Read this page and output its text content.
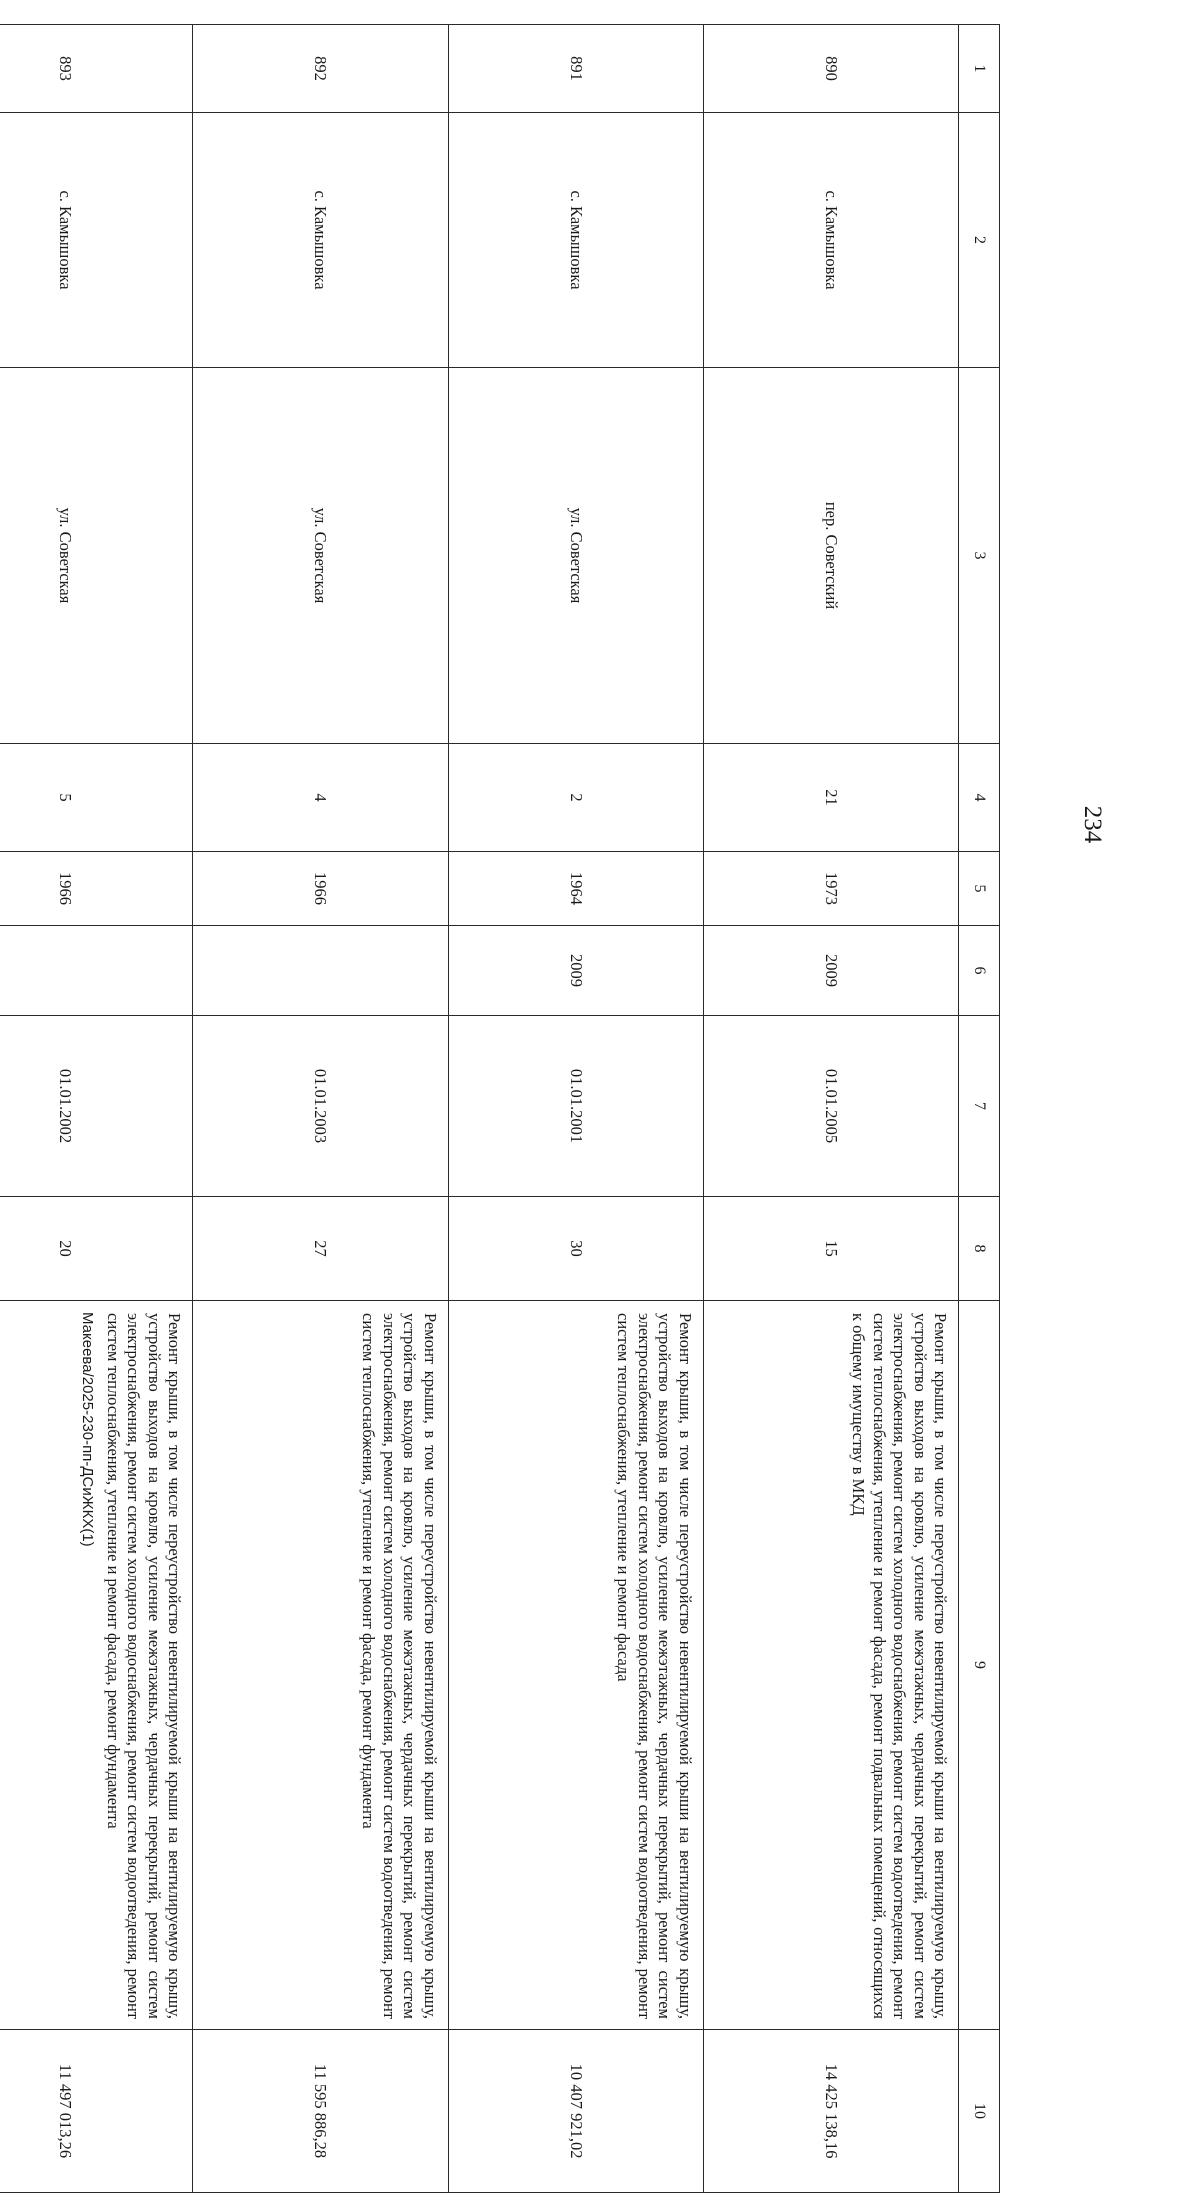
234
1	2	3	4	5	6	7	8	9	10
890	с. Камышовка	пер. Советский	21	1973	2009	01.01.2005	15	Ремонт крыши, в том числе переустройство невентилируемой крыши на вентилируемую крышу, устройство выходов на кровлю, усиление межэтажных, чердачных перекрытий, ремонт систем электроснабжения, ремонт систем холодного водоснабжения, ремонт систем водоотведения, ремонт систем теплоснабжения, утепление и ремонт фасада, ремонт подвальных помещений, относящихся к общему имуществу в МКД	14 425 138,16
891	с. Камышовка	ул. Советская	2	1964	2009	01.01.2001	30	Ремонт крыши, в том числе переустройство невентилируемой крыши на вентилируемую крышу, устройство выходов на кровлю, усиление межэтажных, чердачных перекрытий, ремонт систем электроснабжения, ремонт систем холодного водоснабжения, ремонт систем водоотведения, ремонт систем теплоснабжения, утепление и ремонт фасада	10 407 921,02
892	с. Камышовка	ул. Советская	4	1966		01.01.2003	27	Ремонт крыши, в том числе переустройство невентилируемой крыши на вентилируемую крышу, устройство выходов на кровлю, усиление межэтажных, чердачных перекрытий, ремонт систем электроснабжения, ремонт систем холодного водоснабжения, ремонт систем водоотведения, ремонт систем теплоснабжения, утепление и ремонт фасада, ремонт фундамента	11 595 886,28
893	с. Камышовка	ул. Советская	5	1966		01.01.2002	20	Ремонт крыши, в том числе переустройство невентилируемой крыши на вентилируемую крышу, устройство выходов на кровлю, усиление межэтажных, чердачных перекрытий, ремонт систем электроснабжения, ремонт систем холодного водоснабжения, ремонт систем водоотведения, ремонт систем теплоснабжения, утепление и ремонт фасада, ремонт фундамента	11 497 013,26
Макеева/2025-230-пп-ДСиЖКХ(1)
